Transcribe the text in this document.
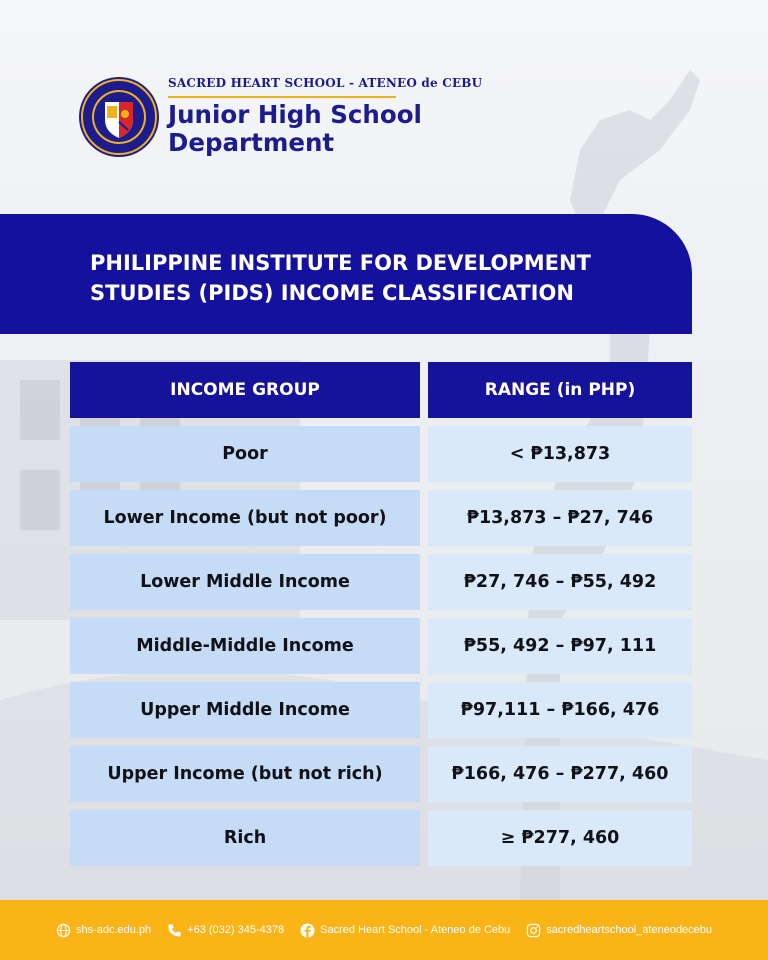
SACRED HEART SCHOOL - ATENEO de CEBU
Junior High School
Department
PHILIPPINE INSTITUTE FOR DEVELOPMENT
STUDIES (PIDS) INCOME CLASSIFICATION
INCOME GROUP	RANGE (in PHP)
Poor	< ₱13,873
Lower Income (but not poor)	₱13,873 – ₱27, 746
Lower Middle Income	₱27, 746 – ₱55, 492
Middle-Middle Income	₱55, 492 – ₱97, 111
Upper Middle Income	₱97,111 – ₱166, 476
Upper Income (but not rich)	₱166, 476 – ₱277, 460
Rich	≥ ₱277, 460
shs-adc.edu.ph	+63 (032) 345-4378	Sacred Heart School - Ateneo de Cebu	sacredheartschool_ateneodecebu
